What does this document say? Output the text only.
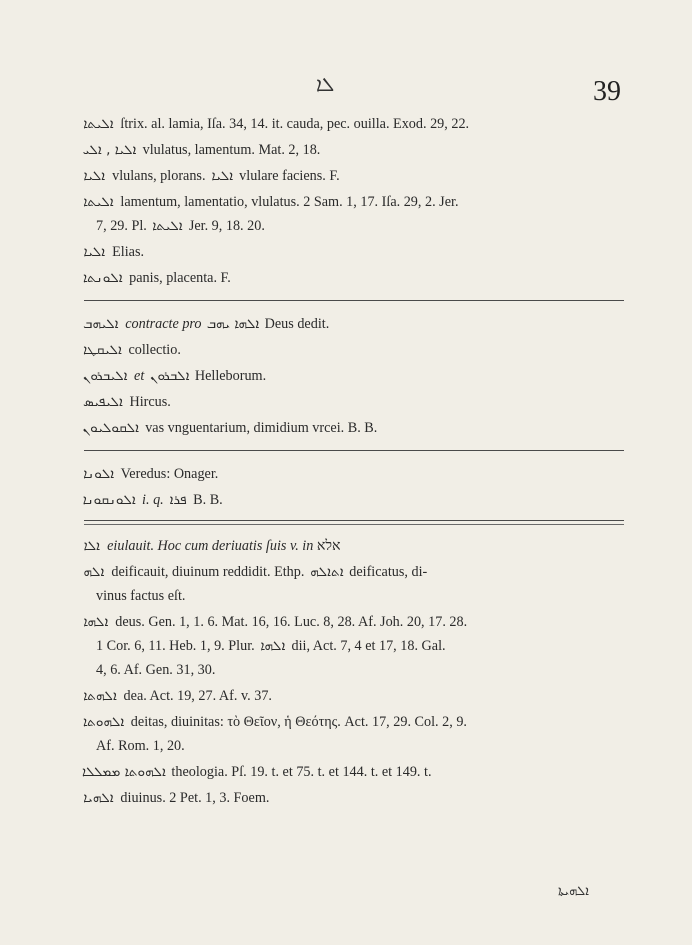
ܠܐ	39
ܐܠܝܬܐ ſtrix. al. lamia, Iſa. 34, 14. it. cauda, pec. ouilla. Exod. 29, 22.
ܐܠܝܐ , ܐܠܝ vlulatus, lamentum. Mat. 2, 18.
ܐܠܝܐ vlulans, plorans. ܐܠܝܐ vlulare faciens. F.
ܐܠܝܬܐ lamentum, lamentatio, vlulatus. 2 Sam. 1, 17. Iſa. 29, 2. Jer.
7, 29. Pl. ܐܠܝܬܐ Jer. 9, 18. 20.
ܐܠܝܐ Elias.
ܐܠܘܢܬܐ panis, placenta. F.
ܐܠܝܗܒ contracte pro ܐܠܗܐ ܝܗܒ Deus dedit.
ܐܠܝܩܛܐ collectio.
ܐܠܝܒܪܘܢ et ܐܠܒܪܘܢ Helleborum.
ܐܠܝܦܝܣ Hircus.
ܐܠܩܘܠܝܘܢ vas vnguentarium, dimidium vrcei. B. B.
ܐܠܘܢܐ Veredus: Onager.
ܐܠܘܢܩܘܢܐ i. q. ܦܪܐ B. B.
ܐܠܐ eiulauit. Hoc cum deriuatis ſuis v. in אלא
ܐܠܗ deificauit, diuinum reddidit. Ethp. ܐܬܐܠܗ deificatus, di-
vinus factus eſt.
ܐܠܗܐ deus. Gen. 1, 1. 6. Mat. 16, 16. Luc. 8, 28. Af. Joh. 20, 17. 28.
1 Cor. 6, 11. Heb. 1, 9. Plur. ܐܠܗܐ dii, Act. 7, 4 et 17, 18. Gal.
4, 6. Af. Gen. 31, 30.
ܐܠܗܬܐ dea. Act. 19, 27. Af. v. 37.
ܐܠܗܘܬܐ deitas, diuinitas: τὸ Θεῖον, ἡ Θεότης. Act. 17, 29. Col. 2, 9.
Af. Rom. 1, 20.
ܐܠܗܘܬܐ ܡܡܠܠܐ theologia. Pſ. 19. t. et 75. t. et 144. t. et 149. t.
ܐܠܗܝܐ diuinus. 2 Pet. 1, 3. Foem.
ܐܠܗܝܬܐ
